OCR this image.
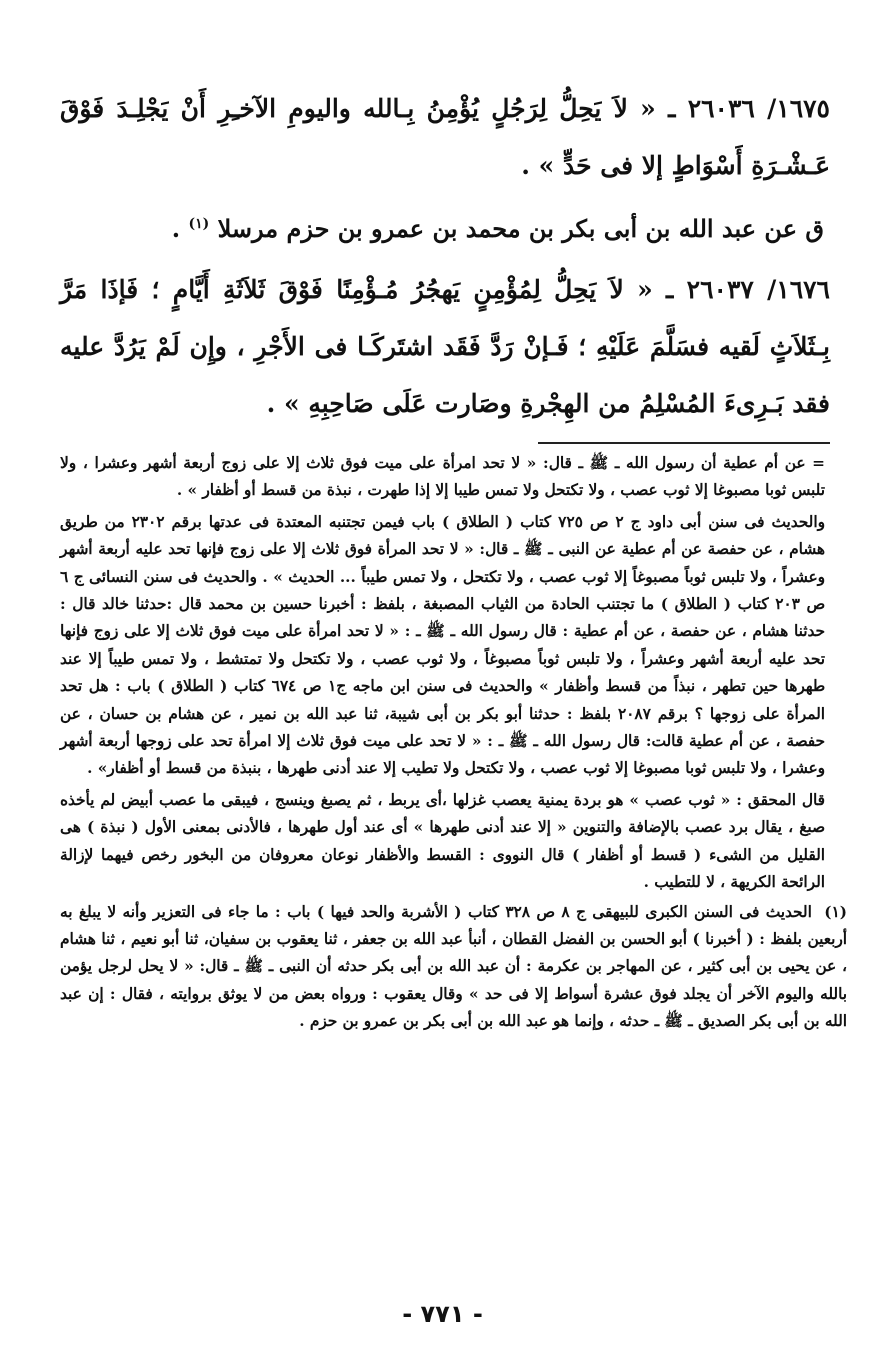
١٦٧٥/ ٢٦٠٣٦ ـ « لاَ يَحِلُّ لِرَجُلٍ يُؤْمِنُ بِـالله واليومِ الآخـِرِ أَنْ يَجْلِـدَ فَوْقَ عَـشْـرَةِ أَسْوَاطٍ إلا فى حَدٍّ » .

ق عن عبد الله بن أبى بكر بن محمد بن عمرو بن حزم مرسلا $^{(١)}$ .

١٦٧٦/ ٢٦٠٣٧ ـ « لاَ يَحِلُّ لِمُؤْمِنٍ يَهجُرُ مُـؤْمِنًا فَوْقَ ثَلاَثَةِ أَيَّامٍ ؛ فَإذَا مَرَّ بِـثَلاَثٍ لَقيه فسَلَّمَ عَلَيْهِ ؛ فَـإنْ رَدَّ فَقَد اشتَركَـا فى الأَجْرِ ، وإِن لَمْ يَرُدَّ عليه فقد بَـرِىءَ المُسْلِمُ من الهِجْرةِ وصَارت عَلَى صَاحِبِهِ » .

= عن أم عطية أن رسول الله ـ ﷺ ـ قال: « لا تحد امرأة على ميت فوق ثلاث إلا على زوج أربعة أشهر وعشرا ، ولا تلبس ثوبا مصبوغا إلا ثوب عصب ، ولا تكتحل ولا تمس طيبا إلا إذا طهرت ، نبذة من قسط أو أظفار » .

والحديث فى سنن أبى داود ج ٢ ص ٧٢٥ كتاب ( الطلاق ) باب فيمن تجتنبه المعتدة فى عدتها برقم ٢٣٠٢ من طريق هشام ، عن حفصة عن أم عطية عن النبى ـ ﷺ ـ قال: « لا تحد المرأة فوق ثلاث إلا على زوج فإنها تحد عليه أربعة أشهر وعشراً ، ولا تلبس ثوباً مصبوغاً إلا ثوب عصب ، ولا تكتحل ، ولا تمس طيباً ... الحديث » . والحديث فى سنن النسائى ج ٦ ص ٢٠٣ كتاب ( الطلاق ) ما تجتنب الحادة من الثياب المصبغة ، بلفظ : أخبرنا حسين بن محمد قال :حدثنا خالد قال : حدثنا هشام ، عن حفصة ، عن أم عطية : قال رسول الله ـ ﷺ ـ : « لا تحد امرأة على ميت فوق ثلاث إلا على زوج فإنها تحد عليه أربعة أشهر وعشراً ، ولا تلبس ثوباً مصبوغاً ، ولا ثوب عصب ، ولا تكتحل ولا تمتشط ، ولا تمس طيباً إلا عند طهرها حين تطهر ، نبذاً من قسط وأظفار » والحديث فى سنن ابن ماجه ج١ ص ٦٧٤ كتاب ( الطلاق ) باب : هل تحد المرأة على زوجها ؟ برقم ٢٠٨٧ بلفظ : حدثنا أبو بكر بن أبى شيبة، ثنا عبد الله بن نمير ، عن هشام بن حسان ، عن حفصة ، عن أم عطية قالت: قال رسول الله ـ ﷺ ـ : « لا تحد على ميت فوق ثلاث إلا امرأة تحد على زوجها أربعة أشهر وعشرا ، ولا تلبس ثوبا مصبوغا إلا ثوب عصب ، ولا تكتحل ولا تطيب إلا عند أدنى طهرها ، بنبذة من قسط أو أظفار» .

قال المحقق : « ثوب عصب » هو بردة يمنية يعصب غزلها ،أى يربط ، ثم يصبغ وينسج ، فيبقى ما عصب أبيض لم يأخذه صبغ ، يقال برد عصب بالإضافة والتنوين « إلا عند أدنى طهرها » أى عند أول طهرها ، فالأدنى بمعنى الأول ( نبذة ) هى القليل من الشىء ( قسط أو أظفار ) قال النووى : القسط والأظفار نوعان معروفان من البخور رخص فيهما لإزالة الرائحة الكريهة ، لا للتطيب .

(١) الحديث فى السنن الكبرى للبيهقى ج ٨ ص ٣٢٨ كتاب ( الأشربة والحد فيها ) باب : ما جاء فى التعزير وأنه لا يبلغ به أربعين بلفظ : ( أخبرنا ) أبو الحسن بن الفضل القطان ، أنبأ عبد الله بن جعفر ، ثنا يعقوب بن سفيان، ثنا أبو نعيم ، ثنا هشام ، عن يحيى بن أبى كثير ، عن المهاجر بن عكرمة : أن عبد الله بن أبى بكر حدثه أن النبى ـ ﷺ ـ قال: « لا يحل لرجل يؤمن بالله واليوم الآخر أن يجلد فوق عشرة أسواط إلا فى حد » وقال يعقوب : ورواه بعض من لا يوثق بروايته ، فقال : إن عبد الله بن أبى بكر الصديق ـ ﷺ ـ حدثه ، وإنما هو عبد الله بن أبى بكر بن عمرو بن حزم .

- ٧٧١ -
